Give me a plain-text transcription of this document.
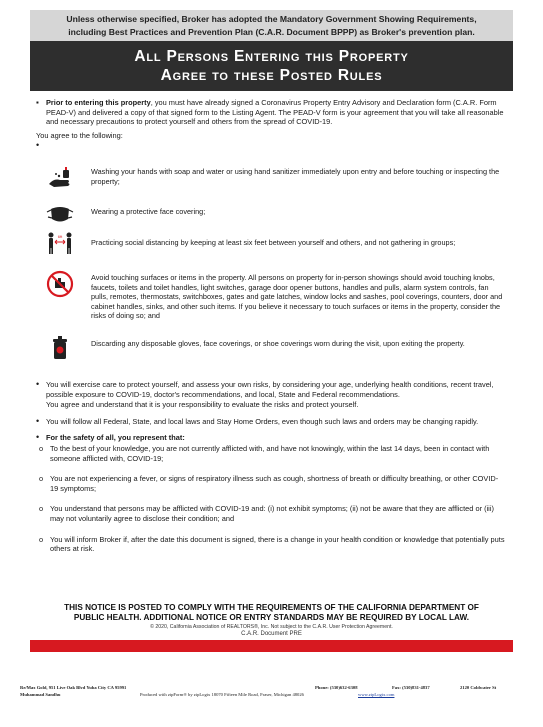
Unless otherwise specified, Broker has adopted the Mandatory Government Showing Requirements,
including Best Practices and Prevention Plan (C.A.R. Document BPPP) as Broker's prevention plan.
All Persons Entering this Property
Agree to these Posted Rules
▪ Prior to entering this property, you must have already signed a Coronavirus Property Entry Advisory and Declaration form (C.A.R. Form PEAD-V) and delivered a copy of that signed form to the Listing Agent. The PEAD-V form is your agreement that you will take all reasonable and necessary precautions to protect yourself and others from the spread of COVID-19.
You agree to the following:
•
Washing your hands with soap and water or using hand sanitizer immediately upon entry and before touching or inspecting the property;
Wearing a protective face covering;
6ft
Practicing social distancing by keeping at least six feet between yourself and others, and not gathering in groups;
Avoid touching surfaces or items in the property. All persons on property for in-person showings should avoid touching knobs, faucets, toilets and toilet handles, light switches, garage door opener buttons, handles and pulls, alarm system controls, fan pulls, remotes, thermostats, switchboxes, gates and gate latches, window locks and sashes, pool coverings, counters, door and cabinet handles, sinks, and other such items. If you believe it necessary to touch surfaces or items in the property, consider the risks of doing so; and
Discarding any disposable gloves, face coverings, or shoe coverings worn during the visit, upon exiting the property.
• You will exercise care to protect yourself, and assess your own risks, by considering your age, underlying health conditions, recent travel, possible exposure to COVID-19, doctor's recommendations, and local, State and Federal recommendations.
You agree and understand that it is your responsibility to evaluate the risks and protect yourself.
• You will follow all Federal, State, and local laws and Stay Home Orders, even though such laws and orders may be changing rapidly.
• For the safety of all, you represent that:
o To the best of your knowledge, you are not currently afflicted with, and have not knowingly, within the last 14 days, been in contact with someone afflicted with, COVID-19;
o You are not experiencing a fever, or signs of respiratory illness such as cough, shortness of breath or difficulty breathing, or other COVID-19 symptoms;
o You understand that persons may be afflicted with COVID-19 and: (i) not exhibit symptoms; (ii) not be aware that they are afflicted or (iii) may not voluntarily agree to disclose their condition; and
o You will inform Broker if, after the date this document is signed, there is a change in your health condition or knowledge that potentially puts others at risk.
THIS NOTICE IS POSTED TO COMPLY WITH THE REQUIREMENTS OF THE CALIFORNIA DEPARTMENT OF
PUBLIC HEALTH. ADDITIONAL NOTICE OR ENTRY STANDARDS MAY BE REQUIRED BY LOCAL LAW.
© 2020, California Association of REALTORS®, Inc. Not subject to the C.A.R. User Protection Agreement.
C.A.R. Document PRE
Re/Max Gold, 951 Live Oak Blvd Yuba City CA 95991	Phone: (530)632-6308	Fax: (530)831-4837	2120 Coldwater St
Muhammad Sandhu	Produced with zipForm® by zipLogix 18070 Fifteen Mile Road, Fraser, Michigan 48026	www.zipLogix.com
